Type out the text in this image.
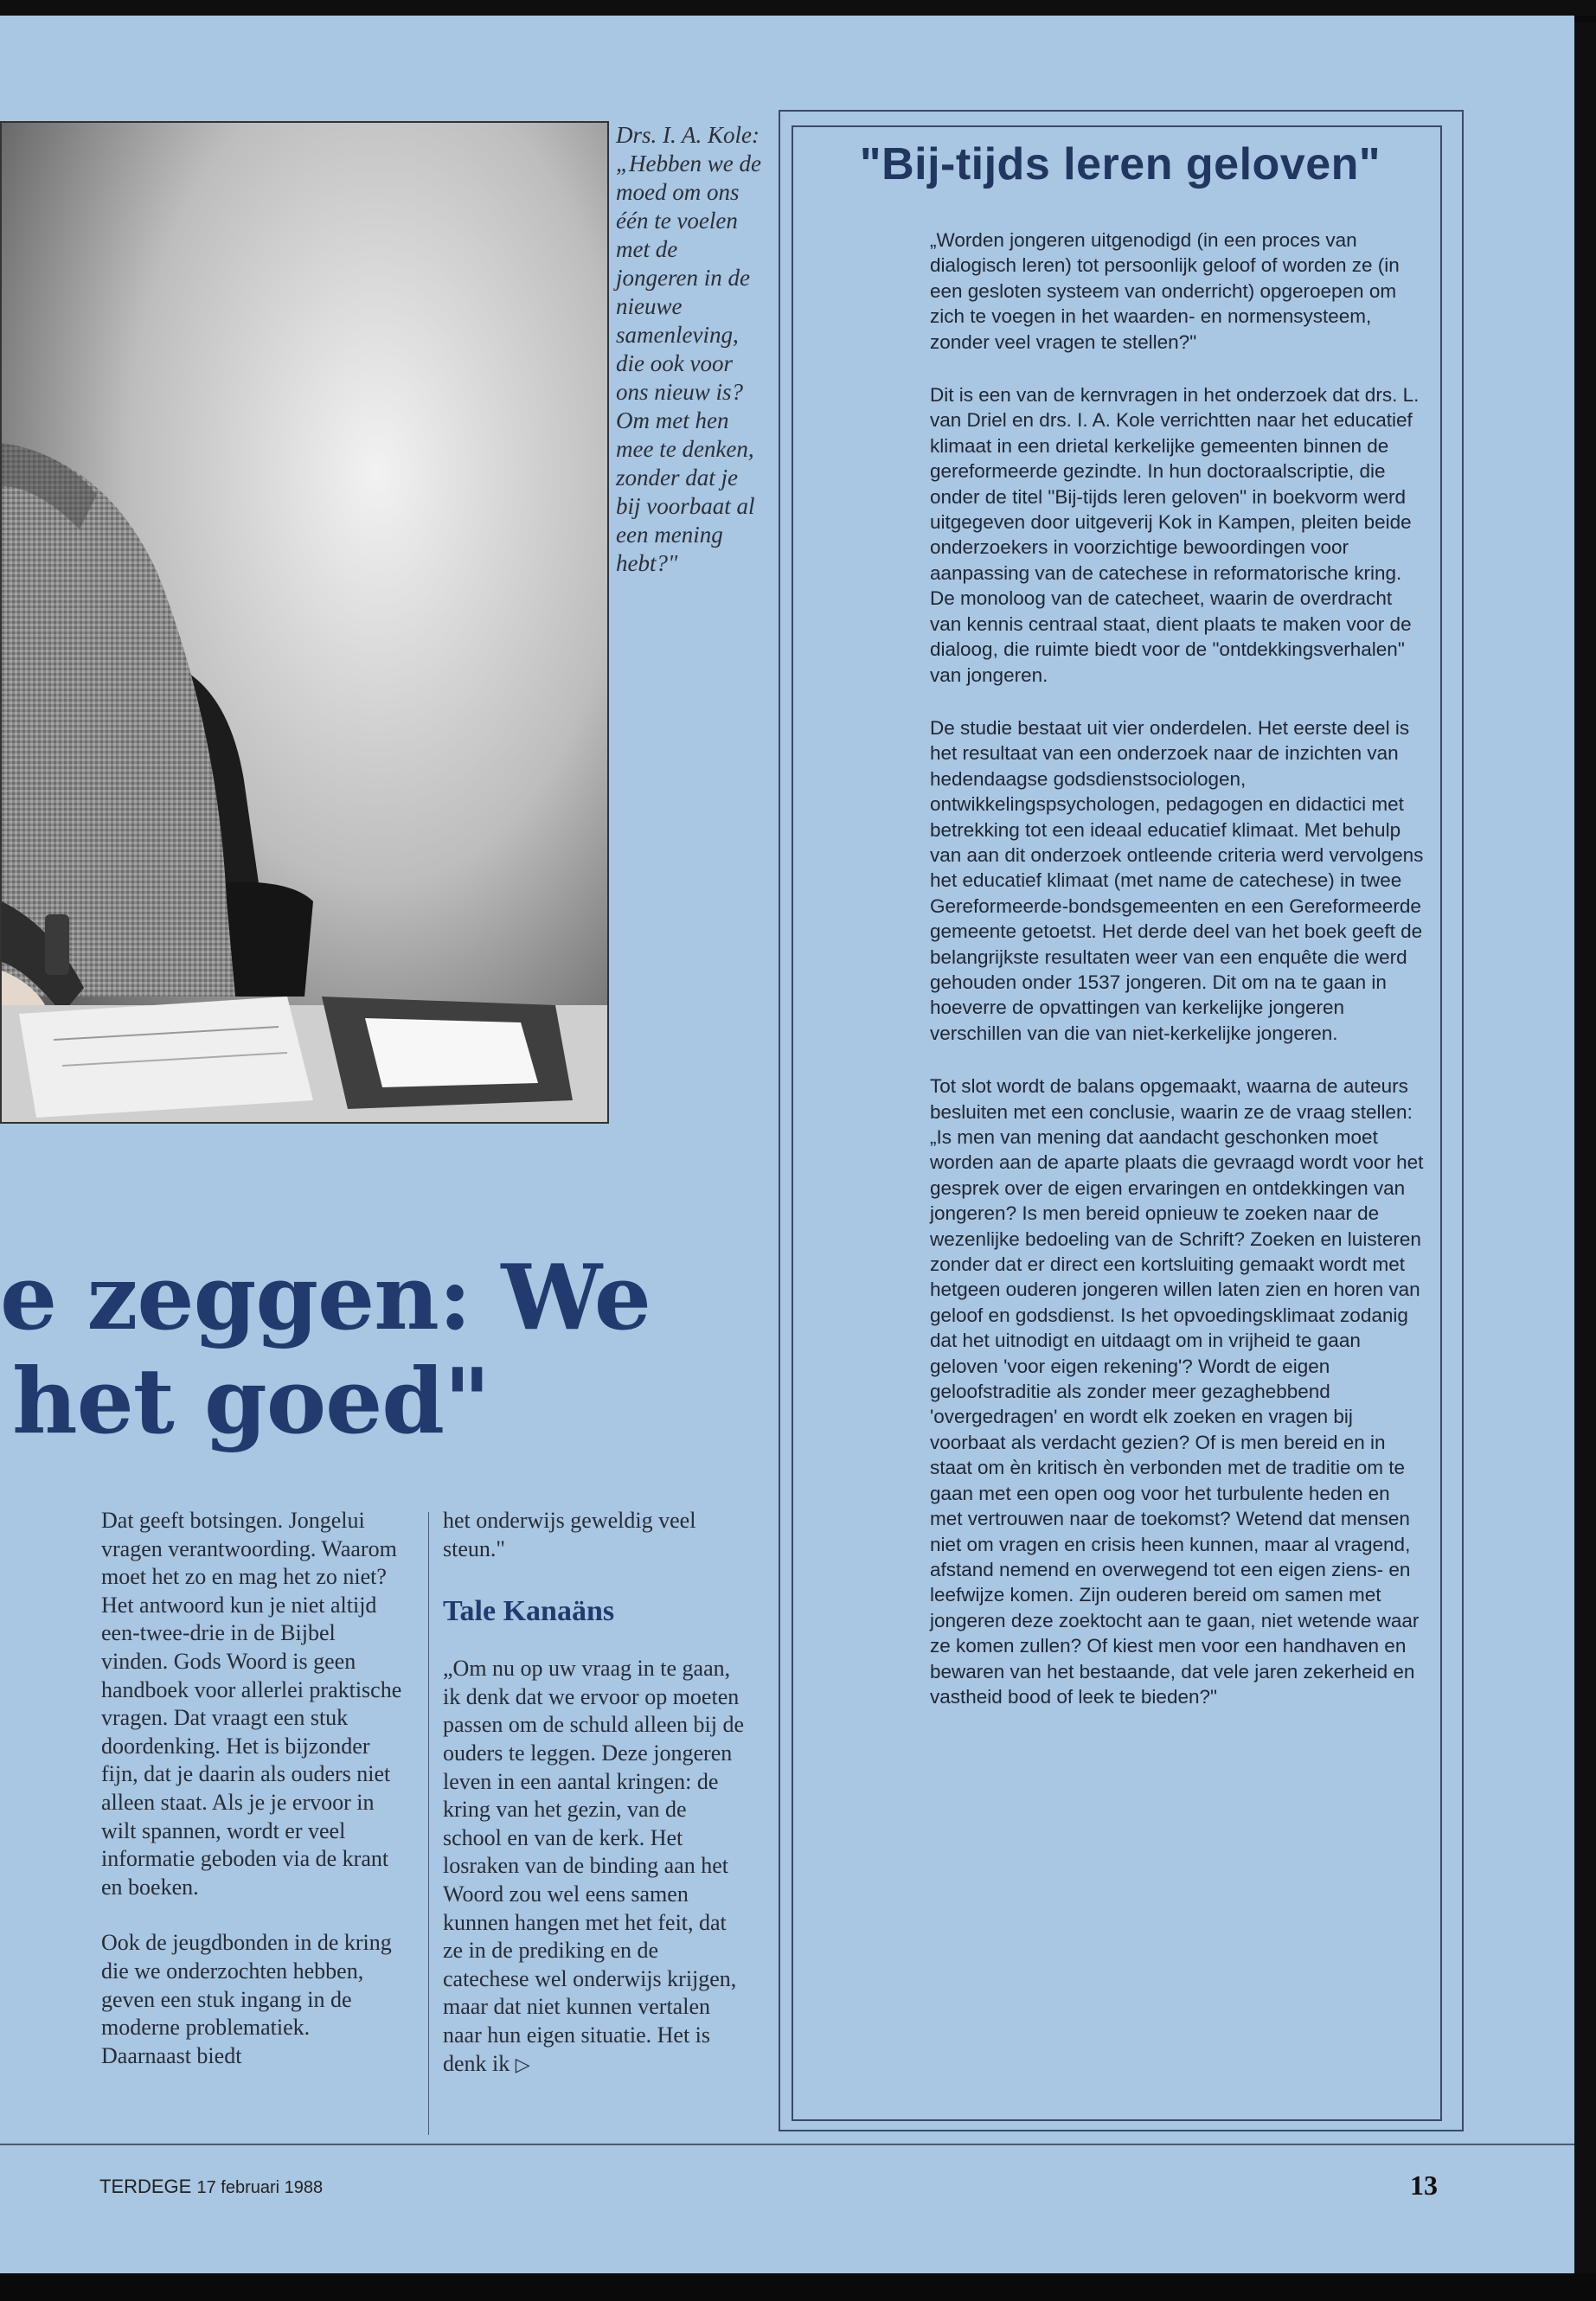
Drs. I. A. Kole: „Hebben we de moed om ons één te voelen met de jongeren in de nieuwe samenleving, die ook voor ons nieuw is? Om met hen mee te denken, zonder dat je bij voorbaat al een mening hebt?"
"Bij-tijds leren geloven"

„Worden jongeren uitgenodigd (in een proces van dialogisch leren) tot persoonlijk geloof of worden ze (in een gesloten systeem van onderricht) opgeroepen om zich te voegen in het waarden- en normensysteem, zonder veel vragen te stellen?"

Dit is een van de kernvragen in het onderzoek dat drs. L. van Driel en drs. I. A. Kole verrichtten naar het educatief klimaat in een drietal kerkelijke gemeenten binnen de gereformeerde gezindte. In hun doctoraalscriptie, die onder de titel "Bij-tijds leren geloven" in boekvorm werd uitgegeven door uitgeverij Kok in Kampen, pleiten beide onderzoekers in voorzichtige bewoordingen voor aanpassing van de catechese in reformatorische kring. De monoloog van de catecheet, waarin de overdracht van kennis centraal staat, dient plaats te maken voor de dialoog, die ruimte biedt voor de "ontdekkingsverhalen" van jongeren.

De studie bestaat uit vier onderdelen. Het eerste deel is het resultaat van een onderzoek naar de inzichten van hedendaagse godsdienstsociologen, ontwikkelingspsychologen, pedagogen en didactici met betrekking tot een ideaal educatief klimaat. Met behulp van aan dit onderzoek ontleende criteria werd vervolgens het educatief klimaat (met name de catechese) in twee Gereformeerde-bondsgemeenten en een Gereformeerde gemeente getoetst. Het derde deel van het boek geeft de belangrijkste resultaten weer van een enquête die werd gehouden onder 1537 jongeren. Dit om na te gaan in hoeverre de opvattingen van kerkelijke jongeren verschillen van die van niet-kerkelijke jongeren.

Tot slot wordt de balans opgemaakt, waarna de auteurs besluiten met een conclusie, waarin ze de vraag stellen: „Is men van mening dat aandacht geschonken moet worden aan de aparte plaats die gevraagd wordt voor het gesprek over de eigen ervaringen en ontdekkingen van jongeren? Is men bereid opnieuw te zoeken naar de wezenlijke bedoeling van de Schrift? Zoeken en luisteren zonder dat er direct een kortsluiting gemaakt wordt met hetgeen ouderen jongeren willen laten zien en horen van geloof en godsdienst. Is het opvoedingsklimaat zodanig dat het uitnodigt en uitdaagt om in vrijheid te gaan geloven 'voor eigen rekening'? Wordt de eigen geloofstraditie als zonder meer gezaghebbend 'overgedragen' en wordt elk zoeken en vragen bij voorbaat als verdacht gezien? Of is men bereid en in staat om èn kritisch èn verbonden met de traditie om te gaan met een open oog voor het turbulente heden en met vertrouwen naar de toekomst? Wetend dat mensen niet om vragen en crisis heen kunnen, maar al vragend, afstand nemend en overwegend tot een eigen ziens- en leefwijze komen. Zijn ouderen bereid om samen met jongeren deze zoektocht aan te gaan, niet wetende waar ze komen zullen? Of kiest men voor een handhaven en bewaren van het bestaande, dat vele jaren zekerheid en vastheid bood of leek te bieden?"

e zeggen: We
het goed"

Dat geeft botsingen. Jongelui vragen verantwoording. Waarom moet het zo en mag het zo niet? Het antwoord kun je niet altijd een-twee-drie in de Bijbel vinden. Gods Woord is geen handboek voor allerlei praktische vragen. Dat vraagt een stuk doordenking. Het is bijzonder fijn, dat je daarin als ouders niet alleen staat. Als je je ervoor in wilt spannen, wordt er veel informatie geboden via de krant en boeken.

Ook de jeugdbonden in de kring die we onderzochten hebben, geven een stuk ingang in de moderne problematiek. Daarnaast biedt

het onderwijs geweldig veel steun."

Tale Kanaäns

„Om nu op uw vraag in te gaan, ik denk dat we ervoor op moeten passen om de schuld alleen bij de ouders te leggen. Deze jongeren leven in een aantal kringen: de kring van het gezin, van de school en van de kerk. Het losraken van de binding aan het Woord zou wel eens samen kunnen hangen met het feit, dat ze in de prediking en de catechese wel onderwijs krijgen, maar dat niet kunnen vertalen naar hun eigen situatie. Het is denk ik ▷

TERDEGE 17 februari 1988	13
